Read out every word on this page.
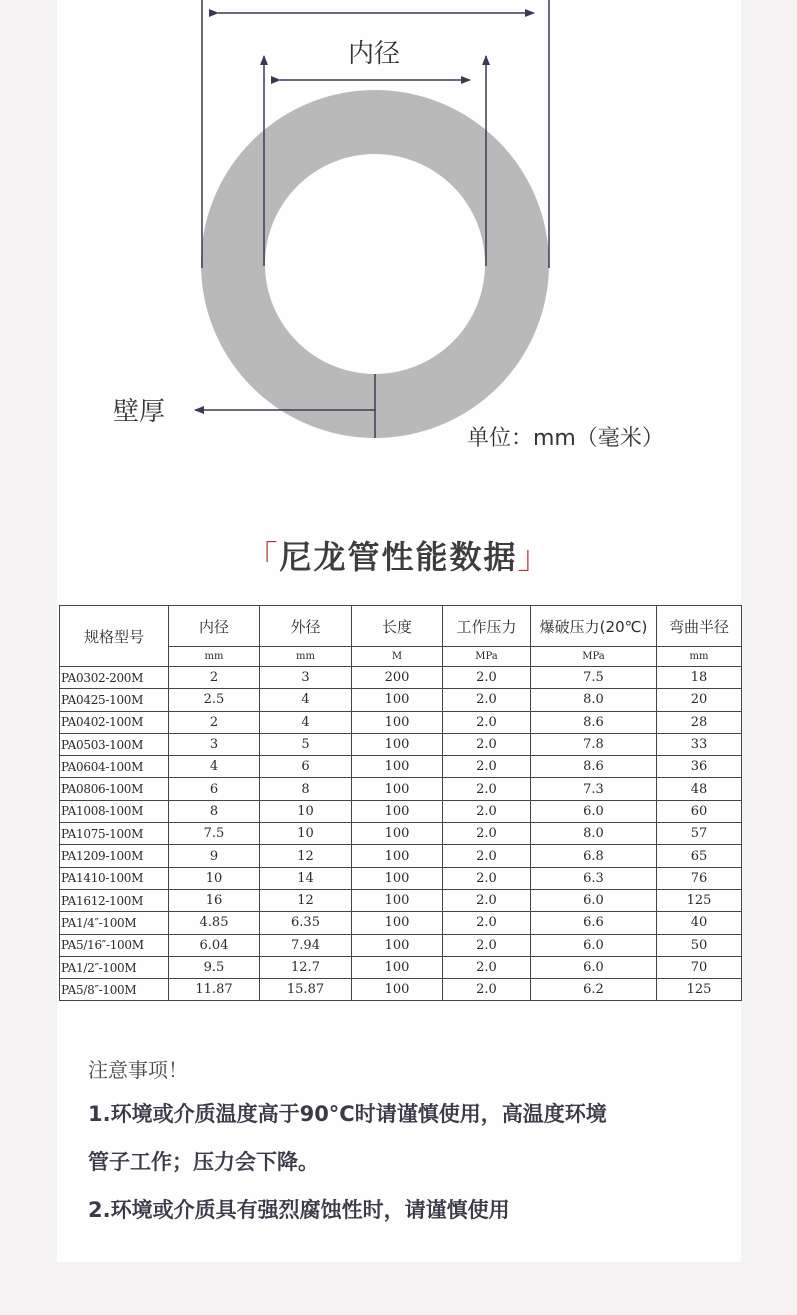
内径
壁厚
单位：mm（毫米）
「尼龙管性能数据」
规格型号	内径	外径	长度	工作压力	爆破压力(20℃)	弯曲半径
	mm	mm	M	MPa	MPa	mm
PA0302-200M	2	3	200	2.0	7.5	18
PA0425-100M	2.5	4	100	2.0	8.0	20
PA0402-100M	2	4	100	2.0	8.6	28
PA0503-100M	3	5	100	2.0	7.8	33
PA0604-100M	4	6	100	2.0	8.6	36
PA0806-100M	6	8	100	2.0	7.3	48
PA1008-100M	8	10	100	2.0	6.0	60
PA1075-100M	7.5	10	100	2.0	8.0	57
PA1209-100M	9	12	100	2.0	6.8	65
PA1410-100M	10	14	100	2.0	6.3	76
PA1612-100M	16	12	100	2.0	6.0	125
PA1/4″-100M	4.85	6.35	100	2.0	6.6	40
PA5/16″-100M	6.04	7.94	100	2.0	6.0	50
PA1/2″-100M	9.5	12.7	100	2.0	6.0	70
PA5/8″-100M	11.87	15.87	100	2.0	6.2	125
注意事项！
1.环境或介质温度高于90°C时请谨慎使用，高温度环境
管子工作；压力会下降。
2.环境或介质具有强烈腐蚀性时，请谨慎使用
